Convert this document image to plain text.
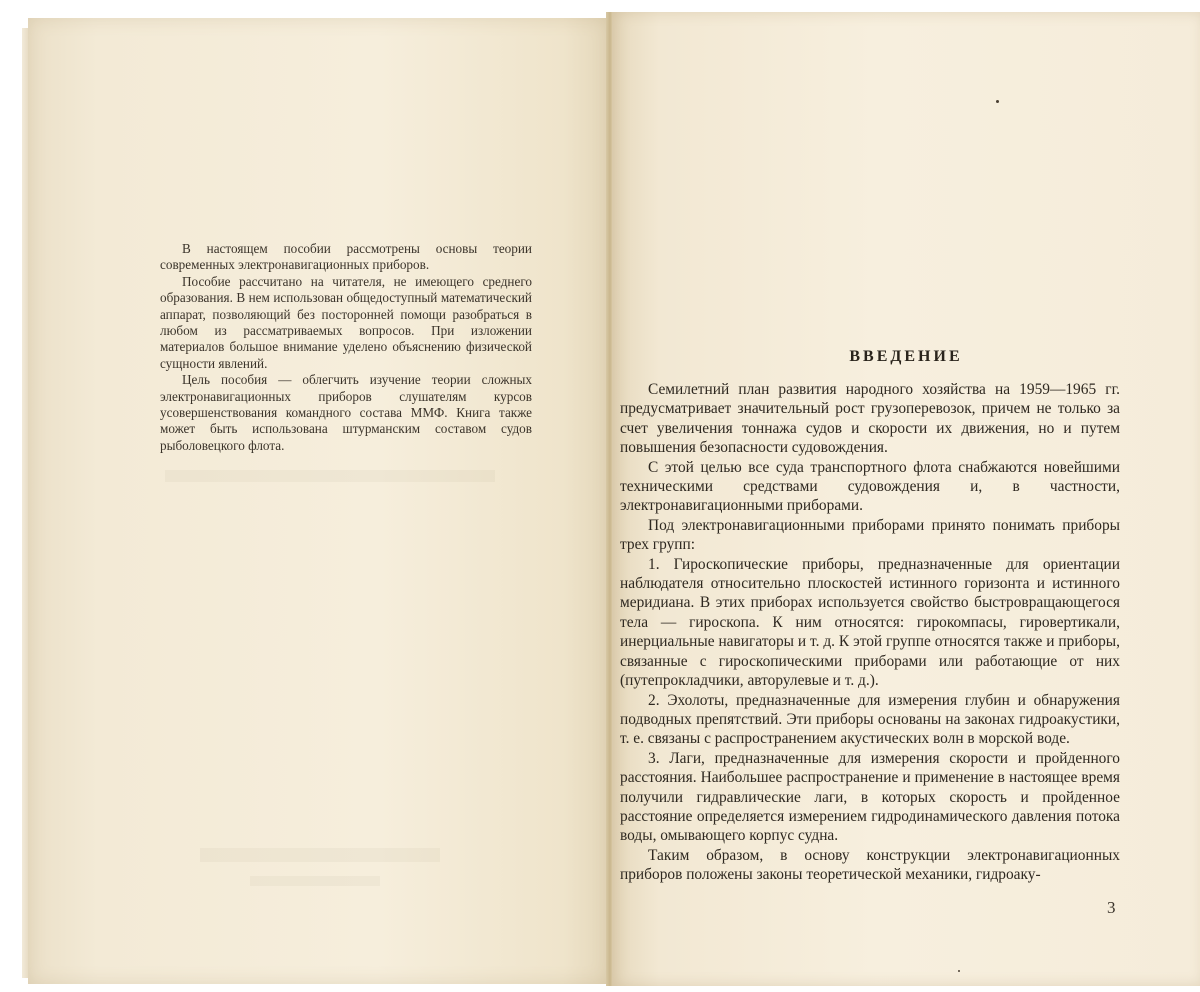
В настоящем пособии рассмотрены основы теории современных электронавигационных приборов.

Пособие рассчитано на читателя, не имеющего среднего образования. В нем использован общедоступный математический аппарат, позволяющий без посторонней помощи разобраться в любом из рассматриваемых вопросов. При изложении материалов большое внимание уделено объяснению физической сущности явлений.

Цель пособия — облегчить изучение теории сложных электронавигационных приборов слушателям курсов усовершенствования командного состава ММФ. Книга также может быть использована штурманским составом судов рыболовецкого флота.

ВВЕДЕНИЕ

Семилетний план развития народного хозяйства на 1959—1965 гг. предусматривает значительный рост грузоперевозок, причем не только за счет увеличения тоннажа судов и скорости их движения, но и путем повышения безопасности судовождения.

С этой целью все суда транспортного флота снабжаются новейшими техническими средствами судовождения и, в частности, электронавигационными приборами.

Под электронавигационными приборами принято понимать приборы трех групп:

1. Гироскопические приборы, предназначенные для ориентации наблюдателя относительно плоскостей истинного горизонта и истинного меридиана. В этих приборах используется свойство быстровращающегося тела — гироскопа. К ним относятся: гирокомпасы, гировертикали, инерциальные навигаторы и т. д. К этой группе относятся также и приборы, связанные с гироскопическими приборами или работающие от них (путепрокладчики, авторулевые и т. д.).

2. Эхолоты, предназначенные для измерения глубин и обнаружения подводных препятствий. Эти приборы основаны на законах гидроакустики, т. е. связаны с распространением акустических волн в морской воде.

3. Лаги, предназначенные для измерения скорости и пройденного расстояния. Наибольшее распространение и применение в настоящее время получили гидравлические лаги, в которых скорость и пройденное расстояние определяется измерением гидродинамического давления потока воды, омывающего корпус судна.

Таким образом, в основу конструкции электронавигационных приборов положены законы теоретической механики, гидроаку-

3
